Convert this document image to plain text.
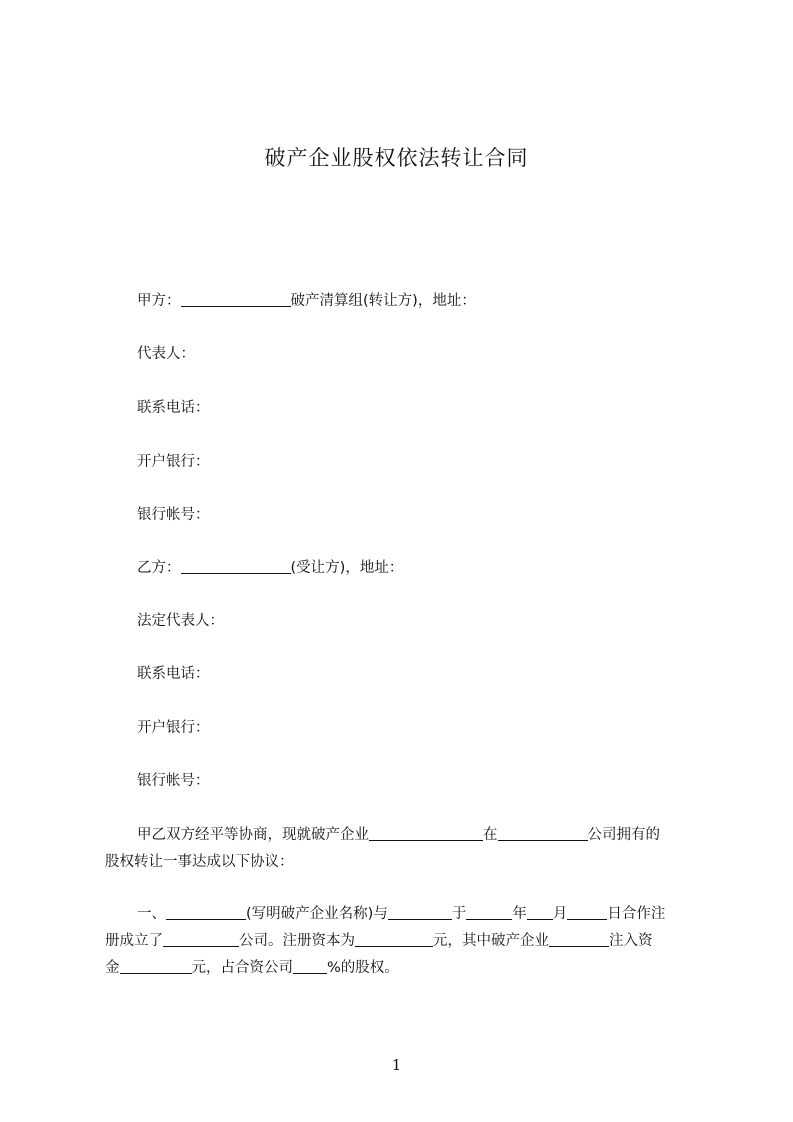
破产企业股权依法转让合同
甲方：	破产清算组(转让方)，地址：
代表人：
联系电话：
开户银行：
银行帐号：
乙方：	(受让方)，地址：
法定代表人：
联系电话：
开户银行：
银行帐号：
甲乙双方经平等协商，现就破产企业	在	公司拥有的
股权转让一事达成以下协议：
一、	(写明破产企业名称)与	于	年 月	日合作注
册成立了	公司。注册资本为	元，其中破产企业	注入资
金	元，占合资公司 %的股权。
1
